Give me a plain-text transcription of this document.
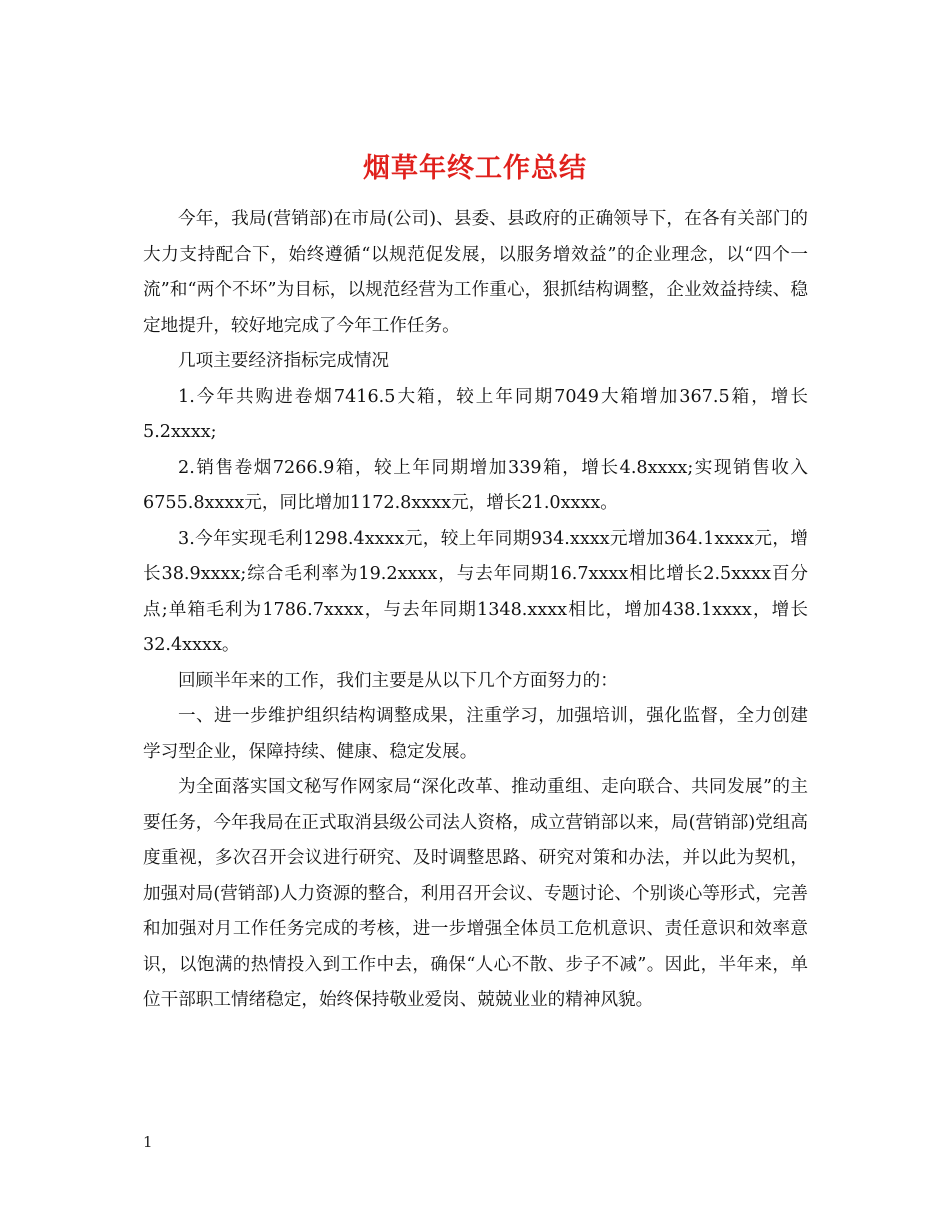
烟草年终工作总结

今年，我局(营销部)在市局(公司)、县委、县政府的正确领导下，在各有关部门的大力支持配合下，始终遵循“以规范促发展，以服务增效益”的企业理念，以“四个一流”和“两个不坏”为目标，以规范经营为工作重心，狠抓结构调整，企业效益持续、稳定地提升，较好地完成了今年工作任务。

几项主要经济指标完成情况

1.今年共购进卷烟7416.5大箱，较上年同期7049大箱增加367.5箱，增长5.2xxxx;

2.销售卷烟7266.9箱，较上年同期增加339箱，增长4.8xxxx;实现销售收入6755.8xxxx元，同比增加1172.8xxxx元，增长21.0xxxx。

3.今年实现毛利1298.4xxxx元，较上年同期934.xxxx元增加364.1xxxx元，增长38.9xxxx;综合毛利率为19.2xxxx，与去年同期16.7xxxx相比增长2.5xxxx百分点;单箱毛利为1786.7xxxx，与去年同期1348.xxxx相比，增加438.1xxxx，增长32.4xxxx。

回顾半年来的工作，我们主要是从以下几个方面努力的：

一、进一步维护组织结构调整成果，注重学习，加强培训，强化监督，全力创建学习型企业，保障持续、健康、稳定发展。

为全面落实国文秘写作网家局“深化改革、推动重组、走向联合、共同发展”的主要任务，今年我局在正式取消县级公司法人资格，成立营销部以来，局(营销部)党组高度重视，多次召开会议进行研究、及时调整思路、研究对策和办法，并以此为契机，加强对局(营销部)人力资源的整合，利用召开会议、专题讨论、个别谈心等形式，完善和加强对月工作任务完成的考核，进一步增强全体员工危机意识、责任意识和效率意识，以饱满的热情投入到工作中去，确保“人心不散、步子不减”。因此，半年来，单位干部职工情绪稳定，始终保持敬业爱岗、兢兢业业的精神风貌。

1
